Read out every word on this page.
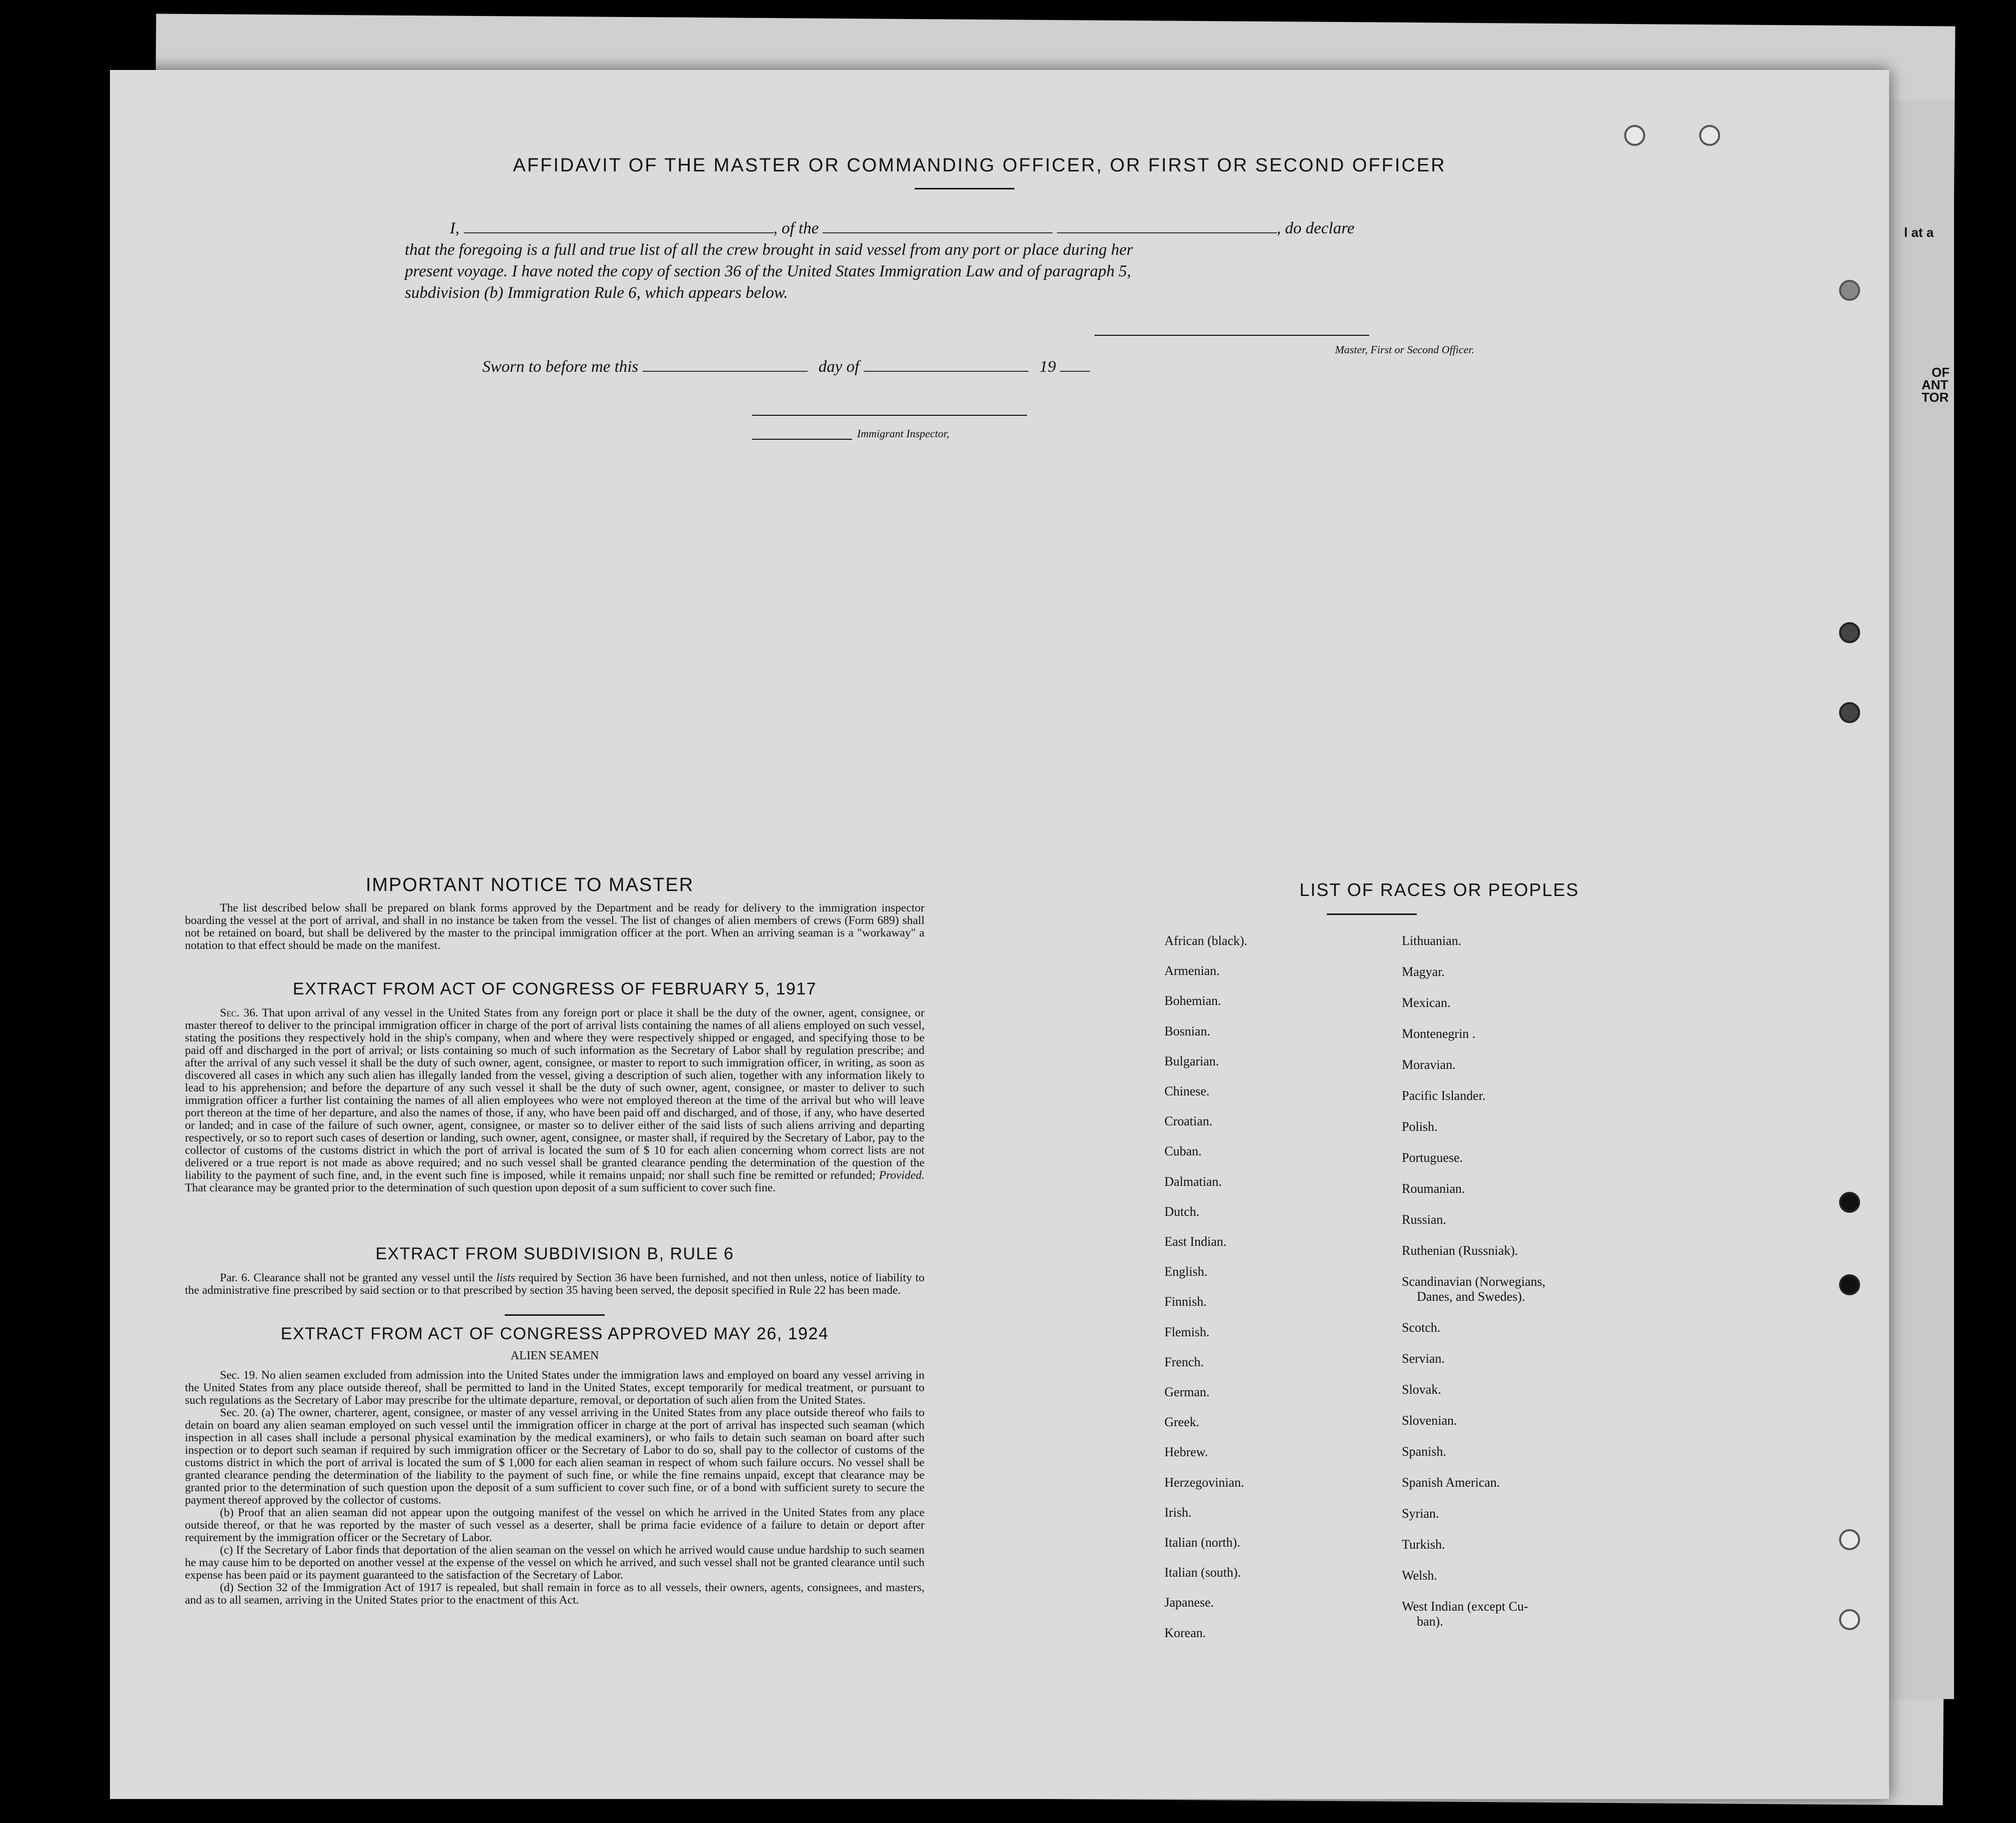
l at a
OF
ANT
TOR
AFFIDAVIT OF THE MASTER OR COMMANDING OFFICER, OR FIRST OR SECOND OFFICER
I,	, of the	, do declare
that the foregoing is a full and true list of all the crew brought in said vessel from any port or place during her
present voyage. I have noted the copy of section 36 of the United States Immigration Law and of paragraph 5,
subdivision (b) Immigration Rule 6, which appears below.
Master, First or Second Officer.
Sworn to before me this	day of	19
Immigrant Inspector,
IMPORTANT NOTICE TO MASTER
The list described below shall be prepared on blank forms approved by the Department and be ready for delivery to the immigration inspector boarding the vessel at the port of arrival, and shall in no instance be taken from the vessel. The list of changes of alien members of crews (Form 689) shall not be retained on board, but shall be delivered by the master to the principal immigration officer at the port. When an arriving seaman is a "workaway" a notation to that effect should be made on the manifest.
EXTRACT FROM ACT OF CONGRESS OF FEBRUARY 5, 1917
Sec. 36. That upon arrival of any vessel in the United States from any foreign port or place it shall be the duty of the owner, agent, consignee, or master thereof to deliver to the principal immigration officer in charge of the port of arrival lists containing the names of all aliens employed on such vessel, stating the positions they respectively hold in the ship's company, when and where they were respectively shipped or engaged, and specifying those to be paid off and discharged in the port of arrival; or lists containing so much of such information as the Secretary of Labor shall by regulation prescribe; and after the arrival of any such vessel it shall be the duty of such owner, agent, consignee, or master to report to such immigration officer, in writing, as soon as discovered all cases in which any such alien has illegally landed from the vessel, giving a description of such alien, together with any information likely to lead to his apprehension; and before the departure of any such vessel it shall be the duty of such owner, agent, consignee, or master to deliver to such immigration officer a further list containing the names of all alien employees who were not employed thereon at the time of the arrival but who will leave port thereon at the time of her departure, and also the names of those, if any, who have been paid off and discharged, and of those, if any, who have deserted or landed; and in case of the failure of such owner, agent, consignee, or master so to deliver either of the said lists of such aliens arriving and departing respectively, or so to report such cases of desertion or landing, such owner, agent, consignee, or master shall, if required by the Secretary of Labor, pay to the collector of customs of the customs district in which the port of arrival is located the sum of $ 10 for each alien concerning whom correct lists are not delivered or a true report is not made as above required; and no such vessel shall be granted clearance pending the determination of the question of the liability to the payment of such fine, and, in the event such fine is imposed, while it remains unpaid; nor shall such fine be remitted or refunded; Provided. That clearance may be granted prior to the determination of such question upon deposit of a sum sufficient to cover such fine.
EXTRACT FROM SUBDIVISION B, RULE 6
Par. 6. Clearance shall not be granted any vessel until the lists required by Section 36 have been furnished, and not then unless, notice of liability to the administrative fine prescribed by said section or to that prescribed by section 35 having been served, the deposit specified in Rule 22 has been made.
EXTRACT FROM ACT OF CONGRESS APPROVED MAY 26, 1924
ALIEN SEAMEN
Sec. 19. No alien seamen excluded from admission into the United States under the immigration laws and employed on board any vessel arriving in the United States from any place outside thereof, shall be permitted to land in the United States, except temporarily for medical treatment, or pursuant to such regulations as the Secretary of Labor may prescribe for the ultimate departure, removal, or deportation of such alien from the United States.
Sec. 20. (a) The owner, charterer, agent, consignee, or master of any vessel arriving in the United States from any place outside thereof who fails to detain on board any alien seaman employed on such vessel until the immigration officer in charge at the port of arrival has inspected such seaman (which inspection in all cases shall include a personal physical examination by the medical examiners), or who fails to detain such seaman on board after such inspection or to deport such seaman if required by such immigration officer or the Secretary of Labor to do so, shall pay to the collector of customs of the customs district in which the port of arrival is located the sum of $ 1,000 for each alien seaman in respect of whom such failure occurs. No vessel shall be granted clearance pending the determination of the liability to the payment of such fine, or while the fine remains unpaid, except that clearance may be granted prior to the determination of such question upon the deposit of a sum sufficient to cover such fine, or of a bond with sufficient surety to secure the payment thereof approved by the collector of customs.
(b) Proof that an alien seaman did not appear upon the outgoing manifest of the vessel on which he arrived in the United States from any place outside thereof, or that he was reported by the master of such vessel as a deserter, shall be prima facie evidence of a failure to detain or deport after requirement by the immigration officer or the Secretary of Labor.
(c) If the Secretary of Labor finds that deportation of the alien seaman on the vessel on which he arrived would cause undue hardship to such seamen he may cause him to be deported on another vessel at the expense of the vessel on which he arrived, and such vessel shall not be granted clearance until such expense has been paid or its payment guaranteed to the satisfaction of the Secretary of Labor.
(d) Section 32 of the Immigration Act of 1917 is repealed, but shall remain in force as to all vessels, their owners, agents, consignees, and masters, and as to all seamen, arriving in the United States prior to the enactment of this Act.
LIST OF RACES OR PEOPLES
African (black).
Armenian.
Bohemian.
Bosnian.
Bulgarian.
Chinese.
Croatian.
Cuban.
Dalmatian.
Dutch.
East Indian.
English.
Finnish.
Flemish.
French.
German.
Greek.
Hebrew.
Herzegovinian.
Irish.
Italian (north).
Italian (south).
Japanese.
Korean.
Lithuanian.
Magyar.
Mexican.
Montenegrin .
Moravian.
Pacific Islander.
Polish.
Portuguese.
Roumanian.
Russian.
Ruthenian (Russniak).
Scandinavian (Norwegians,
Danes, and Swedes).
Scotch.
Servian.
Slovak.
Slovenian.
Spanish.
Spanish American.
Syrian.
Turkish.
Welsh.
West Indian (except Cu-
ban).
